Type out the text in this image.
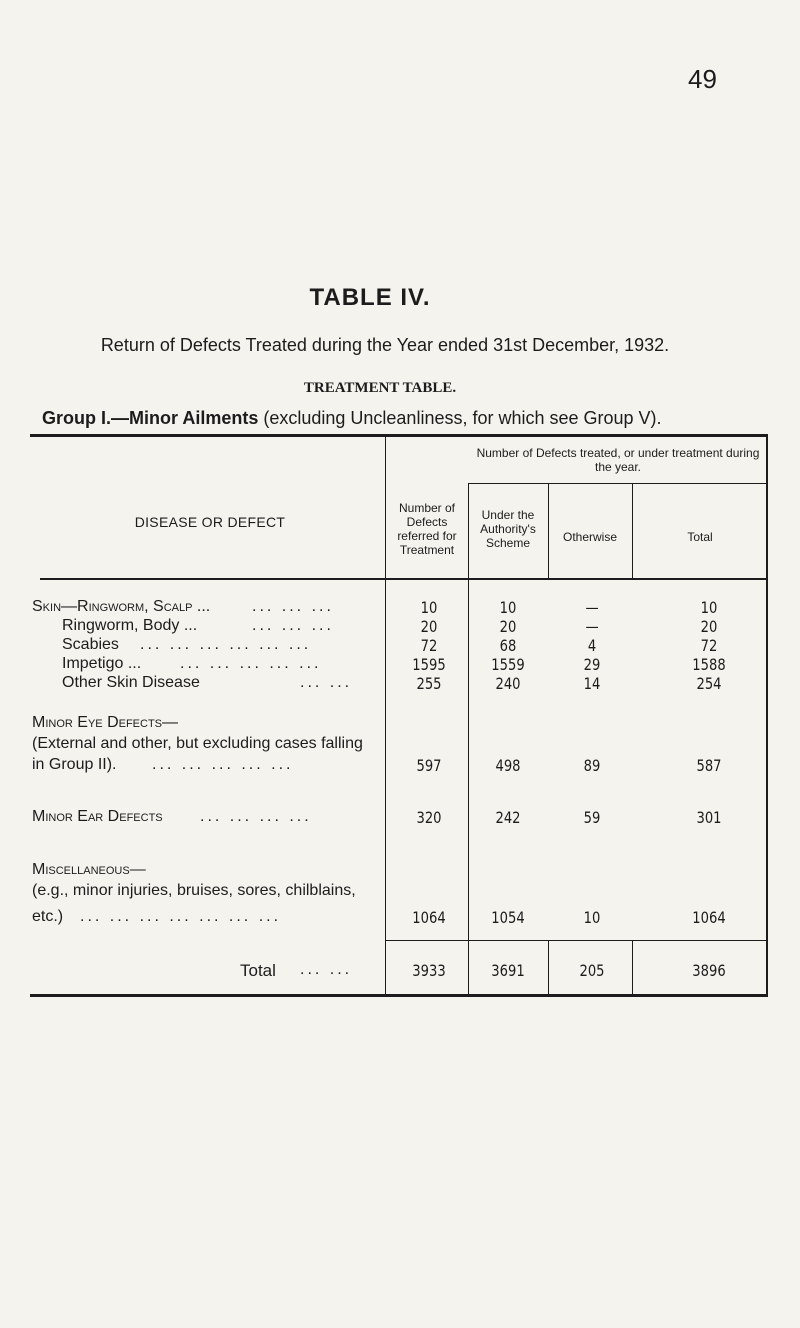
49
TABLE IV.
Return of Defects Treated during the Year ended 31st December, 1932.
TREATMENT TABLE.
Group I.—Minor Ailments (excluding Uncleanliness, for which see Group V).
DISEASE OR DEFECT
Number of Defects referred for Treatment
Number of Defects treated, or under treatment during the year.
Under the Authority's Scheme	Otherwise	Total
Skin—Ringworm, Scalp ...	... ... ...	10	10	—	10
Ringworm, Body ...	... ... ...	20	20	—	20
Scabies ... ... ... ... ... ...	72	68	4	72
Impetigo ... ... ... ... ... ...	1595	1559	29	1588
Other Skin Disease	... ...	255	240	14	254
Minor Eye Defects—
(External and other, but excluding cases falling
in Group II). ... ... ... ... ...	597	498	89	587
Minor Ear Defects ... ... ... ...	320	242	59	301
Miscellaneous—
(e.g., minor injuries, bruises, sores, chilblains,
etc.) ... ... ... ... ... ... ...	1064	1054	10	1064
Total ... ...	3933	3691	205	3896
